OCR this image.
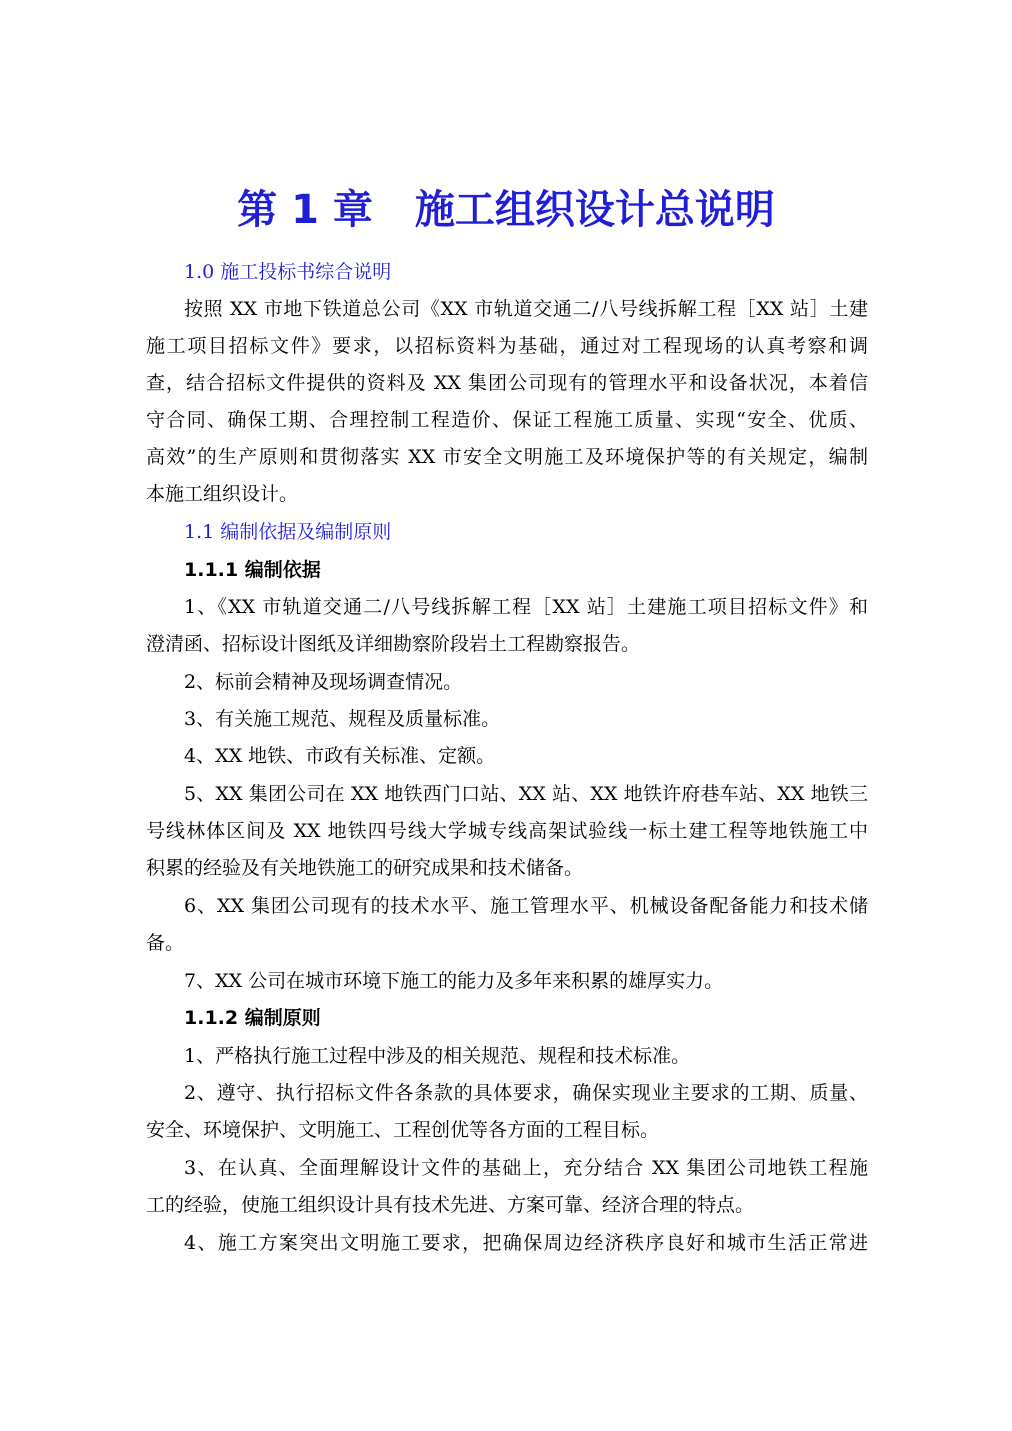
第 1 章 施工组织设计总说明

1.0 施工投标书综合说明

按照 XX 市地下铁道总公司《XX 市轨道交通二/八号线拆解工程［XX 站］土建

施工项目招标文件》要求，以招标资料为基础，通过对工程现场的认真考察和调

查，结合招标文件提供的资料及 XX 集团公司现有的管理水平和设备状况，本着信

守合同、确保工期、合理控制工程造价、保证工程施工质量、实现“安全、优质、

高效”的生产原则和贯彻落实 XX 市安全文明施工及环境保护等的有关规定，编制

本施工组织设计。

1.1 编制依据及编制原则

1.1.1 编制依据

1、《XX 市轨道交通二/八号线拆解工程［XX 站］土建施工项目招标文件》和

澄清函、招标设计图纸及详细勘察阶段岩土工程勘察报告。

2、标前会精神及现场调查情况。

3、有关施工规范、规程及质量标准。

4、XX 地铁、市政有关标准、定额。

5、XX 集团公司在 XX 地铁西门口站、XX 站、XX 地铁许府巷车站、XX 地铁三

号线林体区间及 XX 地铁四号线大学城专线高架试验线一标土建工程等地铁施工中

积累的经验及有关地铁施工的研究成果和技术储备。

6、XX 集团公司现有的技术水平、施工管理水平、机械设备配备能力和技术储

备。

7、XX 公司在城市环境下施工的能力及多年来积累的雄厚实力。

1.1.2 编制原则

1、严格执行施工过程中涉及的相关规范、规程和技术标准。

2、遵守、执行招标文件各条款的具体要求，确保实现业主要求的工期、质量、

安全、环境保护、文明施工、工程创优等各方面的工程目标。

3、在认真、全面理解设计文件的基础上，充分结合 XX 集团公司地铁工程施

工的经验，使施工组织设计具有技术先进、方案可靠、经济合理的特点。

4、施工方案突出文明施工要求，把确保周边经济秩序良好和城市生活正常进
